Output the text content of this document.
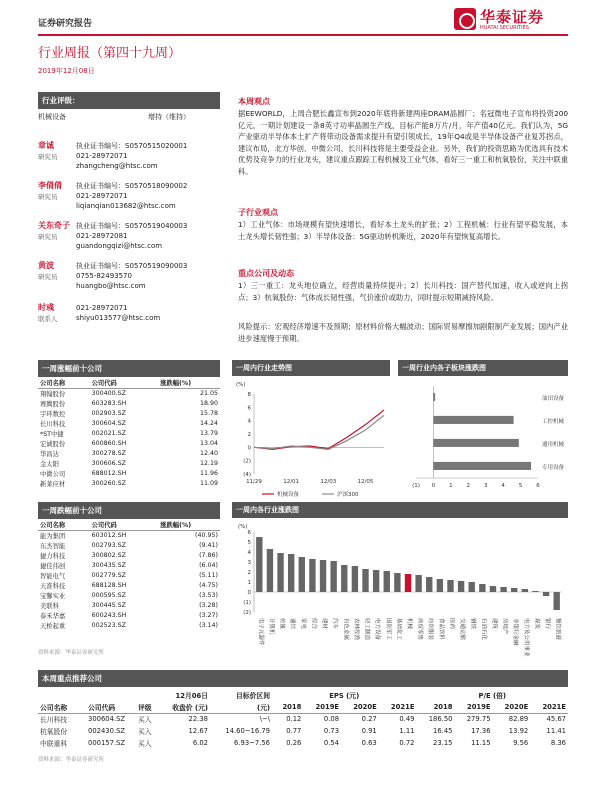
证券研究报告	华泰证券
HUATAI SECURITIES
行业周报（第四十九周）
2019年12月08日
行业评级：
机械设备	增持（维持）
章诚
研究员
执业证书编号：S0570515020001
021-28972071
zhangcheng@htsc.com
李倩倩
研究员
执业证书编号：S0570518090002
021-28972071
liqianqian013682@htsc.com
关东奇子
研究员
执业证书编号：S0570519040003
021-28972081
guandongqizi@htsc.com
黄波
研究员
执业证书编号：S0570519090003
0755-82493570
huangbo@htsc.com
时彧
联系人
021-28972071
shiyu013577@htsc.com
本周观点
据EEWORLD，上周合肥长鑫宣布到2020年底将新建两座DRAM晶圆厂；名冠微电子宣布将投资200亿元，一期计划建设一条8英寸功率晶圆生产线，目标产能8万片/月，年产值40亿元。我们认为，5G产业驱动半导体本土扩产将带动设备需求提升有望引领成长，19年Q4或是半导体设备产业复苏拐点，建议布局，北方华创、中微公司、长川科技将是主要受益企业。另外，我们的投资思路为优选具有技术优势及竞争力的行业龙头，建议重点跟踪工程机械及工业气体，看好三一重工和杭氧股份，关注中联重科。
子行业观点
1）工业气体：市场规模有望快速增长，看好本土龙头的扩张；2）工程机械：行业有望平稳发展，本土龙头增长韧性强；3）半导体设备：5G驱动转机渐近，2020年有望恢复高增长。
重点公司及动态
1）三一重工：龙头地位确立，经营质量持续提升；2）长川科技：国产替代加速，收入或逆向上拐点；3）杭氧股份：气体成长韧性强，气价涨价或助力，同时提示短期减持风险。
风险提示：宏观经济增速不及预期；原材料价格大幅波动；国际贸易摩擦加剧限制产业发展；国内产业进步速度慢于预期。
一周涨幅前十公司
公司名称	公司代码	涨跌幅(%)
翔翰股份	300400.SZ	21.05
赛腾股份	603283.SH	18.90
宇环数控	002903.SZ	15.78
长川科技	300604.SZ	14.24
*ST中捷	002021.SZ	13.79
宏诚股份	600860.SH	13.04
华昌达	300278.SZ	12.40
金太阳	300606.SZ	12.19
中微公司	688012.SH	11.96
新莱应材	300260.SZ	11.09
一周跌幅前十公司
公司名称	公司代码	涨跌幅(%)
能为集团	603012.SH	(40.95)
东杰智能	002793.SZ	(9.41)
捷力科技	300802.SZ	(7.86)
捷佳伟创	300435.SZ	(6.04)
智能电气	002779.SZ	(5.11)
天准科技	688128.SH	(4.75)
宝馨实业	000595.SZ	(3.53)
美联科	300445.SZ	(3.28)
泰禾华嘉	600243.SH	(3.27)
天桥起重	002523.SZ	(3.14)
资料来源：华泰证券研究所
一周内行业走势图
(%)
8
6
4
2
0
(2)
(4)
11/29	12/01	12/03	12/05
机械设备	沪深300
一周行业内各子板块涨跌图
油田设备
工控机械
通用机械
专用设备
(1) 0	1	2	3	4	5	6
一周内各行业涨跌图
(%)
6
5
4
3
2
1
0
(1)
(2)
电子元器件 计算机 传媒 通信 家电 综合 建材 汽车 有色金属 农林牧渔 轻工制造 电力设备 国防军工 基础化工 机械 商贸零售 纺织服装 食品饮料 医药 交通运输 钢铁 石油石化 建筑 房地产 非银行金融 电力及公用事业 煤炭 银行 餐饮旅游
本周重点推荐公司
			12月06日	目标价区间	EPS (元)				P/E (倍)			
公司名称	公司代码	评级	收盘价 (元)	(元)	2018	2019E	2020E	2021E	2018	2019E	2020E	2021E
长川科技	300604.SZ	买入	22.38	\~\	0.12	0.08	0.27	0.49	186.50	279.75	82.89	45.67
杭氧股份	002430.SZ	买入	12.67	14.60~16.79	0.77	0.73	0.91	1.11	16.45	17.36	13.92	11.41
中联重科	000157.SZ	买入	6.02	6.93~7.56	0.26	0.54	0.63	0.72	23.15	11.15	9.56	8.36
资料来源：华泰证券研究所
